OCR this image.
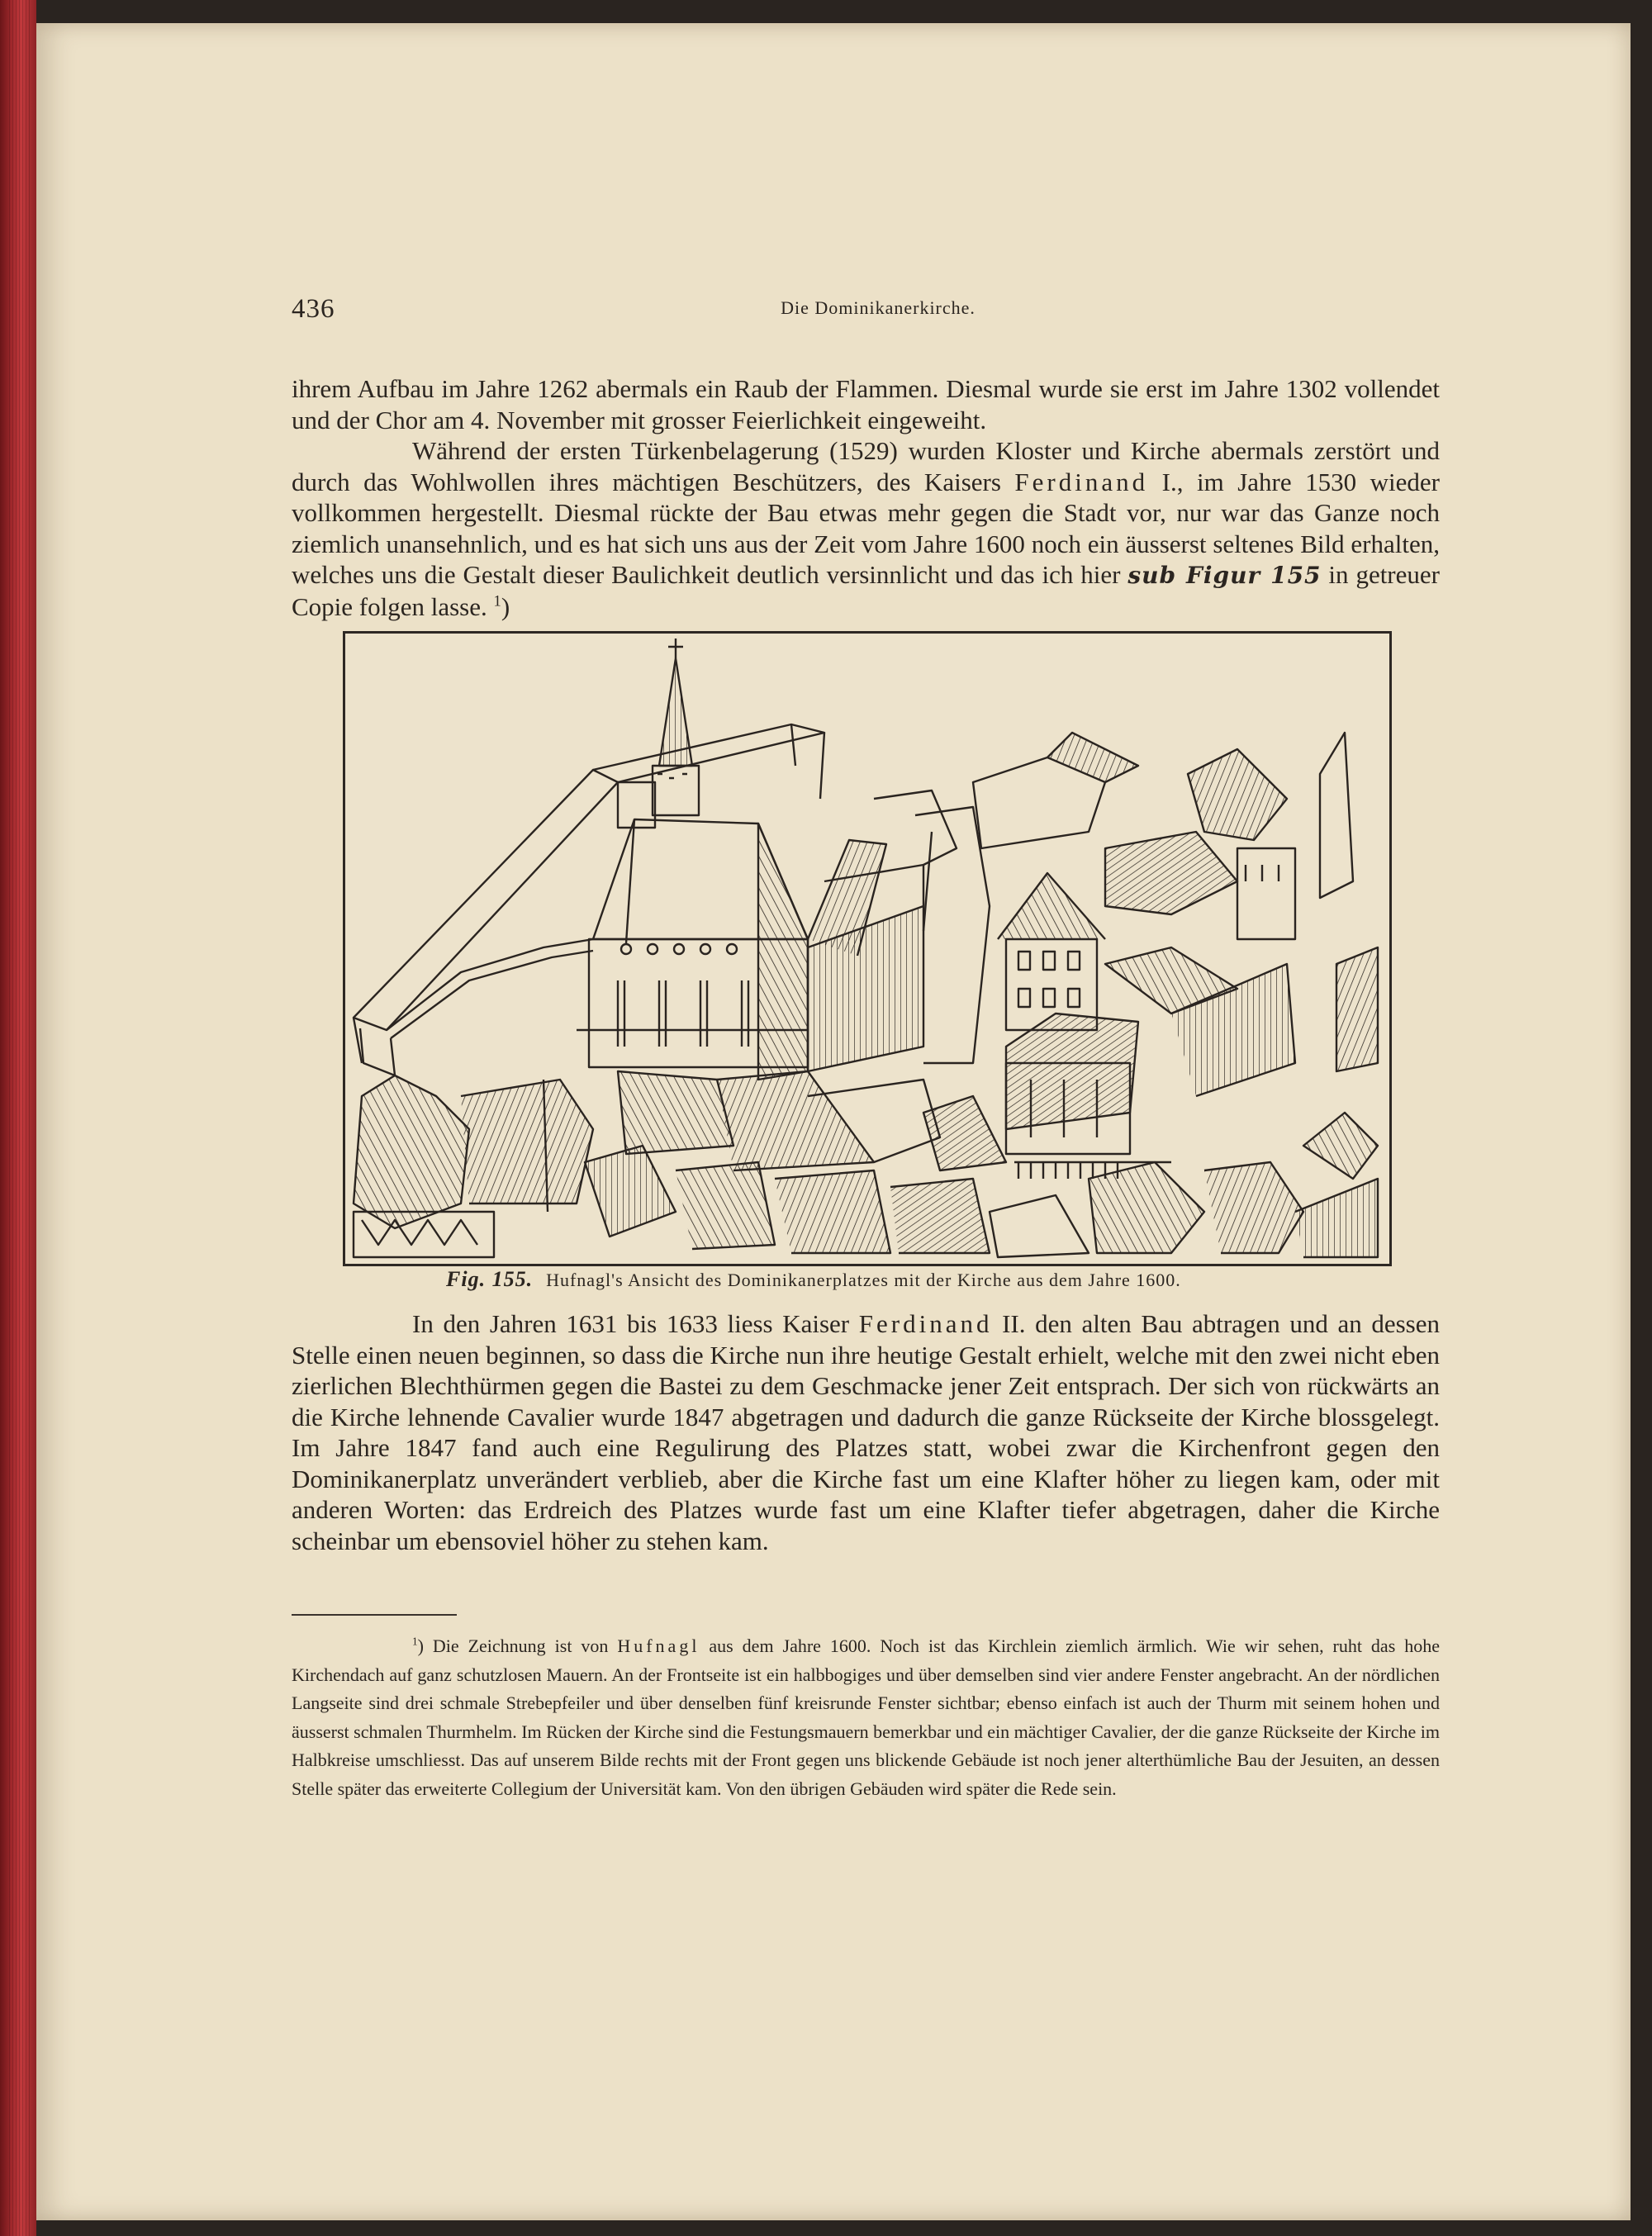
436	Die Dominikanerkirche.

ihrem Aufbau im Jahre 1262 abermals ein Raub der Flammen. Diesmal wurde sie erst im Jahre 1302 vollendet und der Chor am 4. November mit grosser Feierlichkeit eingeweiht.

Während der ersten Türkenbelagerung (1529) wurden Kloster und Kirche abermals zerstört und durch das Wohlwollen ihres mächtigen Beschützers, des Kaisers Ferdinand I., im Jahre 1530 wieder vollkommen hergestellt. Diesmal rückte der Bau etwas mehr gegen die Stadt vor, nur war das Ganze noch ziemlich unansehnlich, und es hat sich uns aus der Zeit vom Jahre 1600 noch ein äusserst seltenes Bild erhalten, welches uns die Gestalt dieser Baulichkeit deutlich versinnlicht und das ich hier sub Figur 155 in getreuer Copie folgen lasse. $^1$)

Fig. 155. Hufnagl's Ansicht des Dominikanerplatzes mit der Kirche aus dem Jahre 1600.

In den Jahren 1631 bis 1633 liess Kaiser Ferdinand II. den alten Bau abtragen und an dessen Stelle einen neuen beginnen, so dass die Kirche nun ihre heutige Gestalt erhielt, welche mit den zwei nicht eben zierlichen Blechthürmen gegen die Bastei zu dem Geschmacke jener Zeit entsprach. Der sich von rückwärts an die Kirche lehnende Cavalier wurde 1847 abgetragen und dadurch die ganze Rückseite der Kirche blossgelegt. Im Jahre 1847 fand auch eine Regulirung des Platzes statt, wobei zwar die Kirchenfront gegen den Dominikanerplatz unverändert verblieb, aber die Kirche fast um eine Klafter höher zu liegen kam, oder mit anderen Worten: das Erdreich des Platzes wurde fast um eine Klafter tiefer abgetragen, daher die Kirche scheinbar um ebensoviel höher zu stehen kam.

$^1$) Die Zeichnung ist von Hufnagl aus dem Jahre 1600. Noch ist das Kirchlein ziemlich ärmlich. Wie wir sehen, ruht das hohe Kirchendach auf ganz schutzlosen Mauern. An der Frontseite ist ein halbbogiges und über demselben sind vier andere Fenster angebracht. An der nördlichen Langseite sind drei schmale Strebepfeiler und über denselben fünf kreisrunde Fenster sichtbar; ebenso einfach ist auch der Thurm mit seinem hohen und äusserst schmalen Thurmhelm. Im Rücken der Kirche sind die Festungsmauern bemerkbar und ein mächtiger Cavalier, der die ganze Rückseite der Kirche im Halbkreise umschliesst. Das auf unserem Bilde rechts mit der Front gegen uns blickende Gebäude ist noch jener alterthümliche Bau der Jesuiten, an dessen Stelle später das erweiterte Collegium der Universität kam. Von den übrigen Gebäuden wird später die Rede sein.
